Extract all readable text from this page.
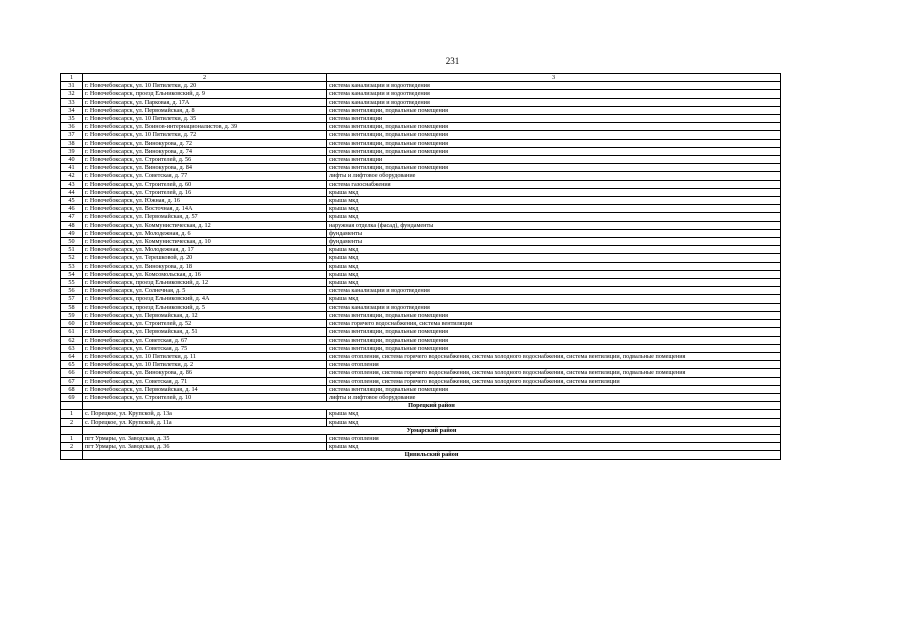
231
1	2	3
31	г. Новочебоксарск, ул. 10 Пятилетки, д. 20	система канализации и водоотведения
32	г. Новочебоксарск, проезд Ельниковский, д. 9	система канализации и водоотведения
33	г. Новочебоксарск, ул. Парковая, д. 17А	система канализации и водоотведения
34	г. Новочебоксарск, ул. Первомайская, д. 8	система вентиляции, подвальные помещения
35	г. Новочебоксарск, ул. 10 Пятилетки, д. 35	система вентиляции
36	г. Новочебоксарск, ул. Воинов-интернационалистов, д. 39	система вентиляции, подвальные помещения
37	г. Новочебоксарск, ул. 10 Пятилетки, д. 72	система вентиляции, подвальные помещения
38	г. Новочебоксарск, ул. Винокурова, д. 72	система вентиляции, подвальные помещения
39	г. Новочебоксарск, ул. Винокурова, д. 74	система вентиляции, подвальные помещения
40	г. Новочебоксарск, ул. Строителей, д. 56	система вентиляции
41	г. Новочебоксарск, ул. Винокурова, д. 84	система вентиляции, подвальные помещения
42	г. Новочебоксарск, ул. Советская, д. 77	лифты и лифтовое оборудование
43	г. Новочебоксарск, ул. Строителей, д. 60	система газоснабжения
44	г. Новочебоксарск, ул. Строителей, д. 16	крыша мкд
45	г. Новочебоксарск, ул. Южная, д. 16	крыша мкд
46	г. Новочебоксарск, ул. Восточная, д. 14А	крыша мкд
47	г. Новочебоксарск, ул. Первомайская, д. 57	крыша мкд
48	г. Новочебоксарск, ул. Коммунистическая, д. 12	наружная отделка (фасад), фундаменты
49	г. Новочебоксарск, ул. Молодежная, д. 6	фундаменты
50	г. Новочебоксарск, ул. Коммунистическая, д. 10	фундаменты
51	г. Новочебоксарск, ул. Молодежная, д. 17	крыша мкд
52	г. Новочебоксарск, ул. Терешковой, д. 20	крыша мкд
53	г. Новочебоксарск, ул. Винокурова, д. 18	крыша мкд
54	г. Новочебоксарск, ул. Комсомольская, д. 16	крыша мкд
55	г. Новочебоксарск, проезд Ельниковский, д. 12	крыша мкд
56	г. Новочебоксарск, ул. Солнечная, д. 5	система канализации и водоотведения
57	г. Новочебоксарск, проезд Ельниковский, д. 4А	крыша мкд
58	г. Новочебоксарск, проезд Ельниковский, д. 5	система канализации и водоотведения
59	г. Новочебоксарск, ул. Первомайская, д. 12	система вентиляции, подвальные помещения
60	г. Новочебоксарск, ул. Строителей, д. 52	система горячего водоснабжения, система вентиляции
61	г. Новочебоксарск, ул. Первомайская, д. 51	система вентиляции, подвальные помещения
62	г. Новочебоксарск, ул. Советская, д. 67	система вентиляции, подвальные помещения
63	г. Новочебоксарск, ул. Советская, д. 75	система вентиляции, подвальные помещения
64	г. Новочебоксарск, ул. 10 Пятилетки, д. 11	система отопления, система горячего водоснабжения, система холодного водоснабжения, система вентиляции, подвальные помещения
65	г. Новочебоксарск, ул. 10 Пятилетки, д. 2	система отопления
66	г. Новочебоксарск, ул. Винокурова, д. 86	система отопления, система горячего водоснабжения, система холодного водоснабжения, система вентиляции, подвальные помещения
67	г. Новочебоксарск, ул. Советская, д. 71	система отопления, система горячего водоснабжения, система холодного водоснабжения, система вентиляции
68	г. Новочебоксарск, ул. Первомайская, д. 14	система вентиляции, подвальные помещения
69	г. Новочебоксарск, ул. Строителей, д. 10	лифты и лифтовое оборудование
	Порецкий район	
1	с. Порецкое, ул. Крупской, д. 13а	крыша мкд
2	с. Порецкое, ул. Крупской, д. 11а	крыша мкд
	Урмарский район	
1	пгт Урмары, ул. Заводская, д. 35	система отопления
2	пгт Урмары, ул. Заводская, д. 36	крыша мкд
	Цивильский район	
